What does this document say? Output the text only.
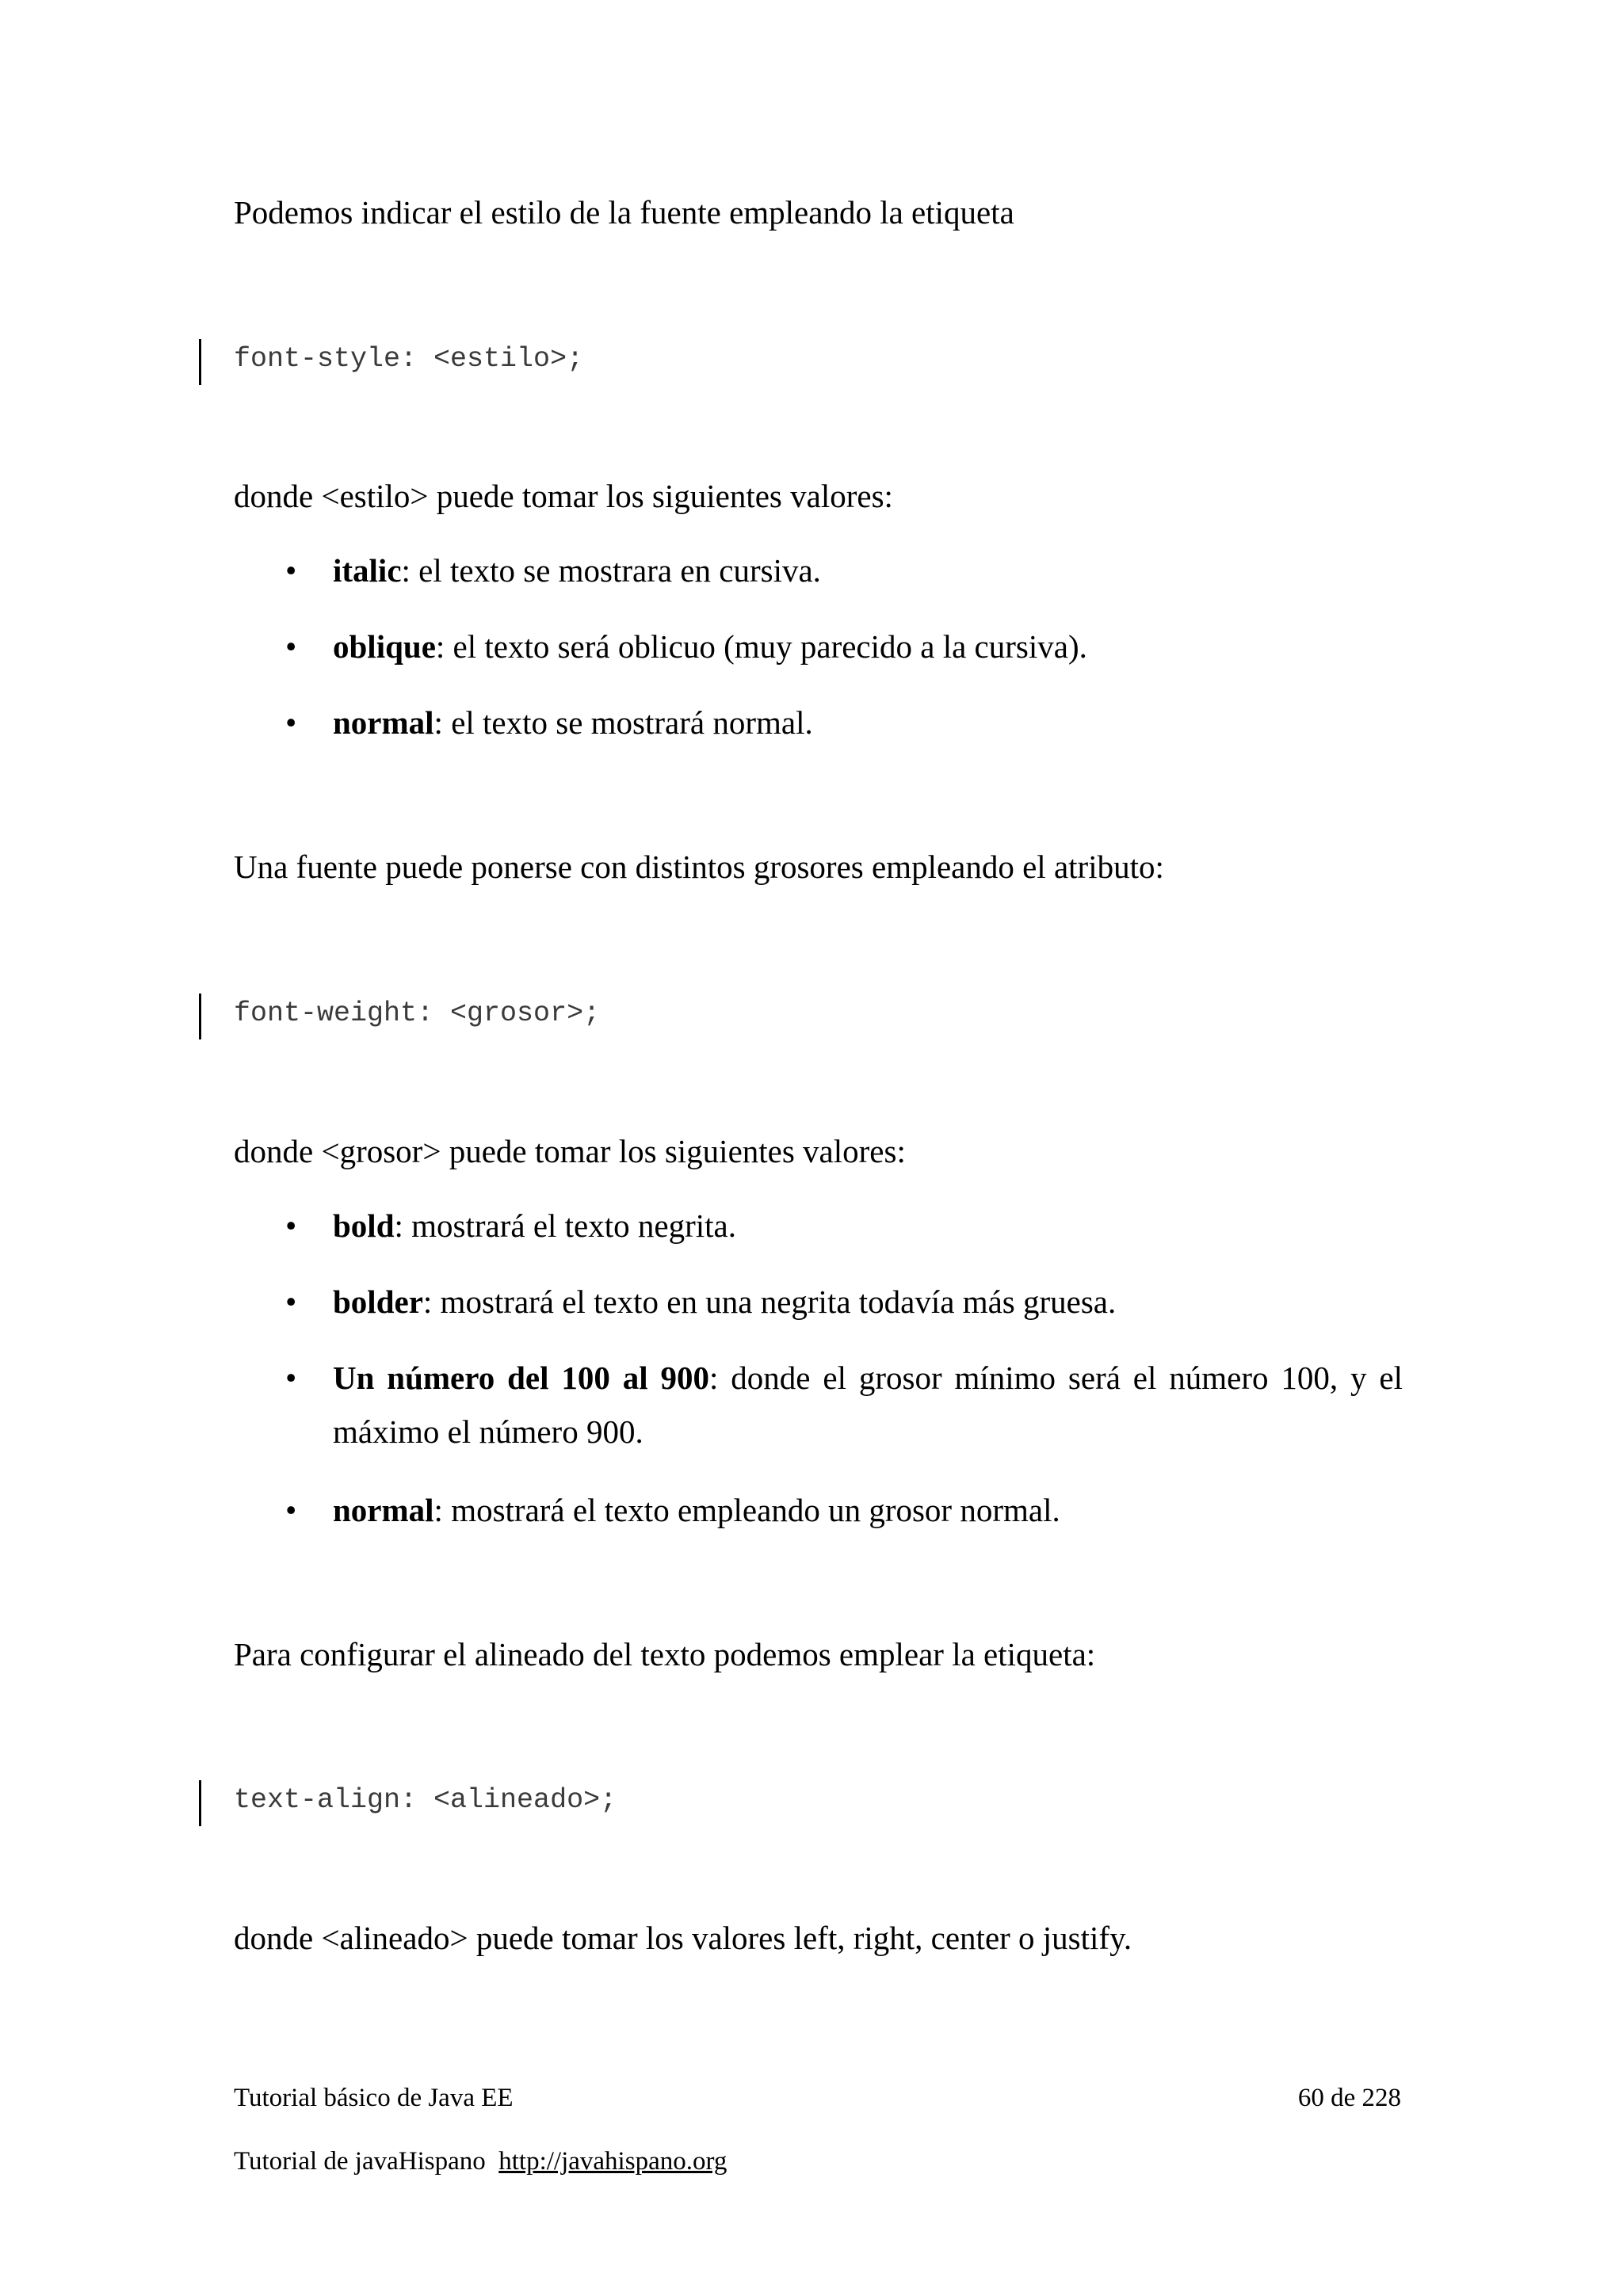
Podemos indicar el estilo de la fuente empleando la etiqueta
font-style: <estilo>;
donde <estilo> puede tomar los siguientes valores:
• italic: el texto se mostrara en cursiva.
• oblique: el texto será oblicuo (muy parecido a la cursiva).
• normal: el texto se mostrará normal.
Una fuente puede ponerse con distintos grosores empleando el atributo:
font-weight: <grosor>;
donde <grosor> puede tomar los siguientes valores:
• bold: mostrará el texto negrita.
• bolder: mostrará el texto en una negrita todavía más gruesa.
• Un número del 100 al 900: donde el grosor mínimo será el número 100, y el máximo el número 900.
• normal: mostrará el texto empleando un grosor normal.
Para configurar el alineado del texto podemos emplear la etiqueta:
text-align: <alineado>;
donde <alineado> puede tomar los valores left, right, center o justify.
Tutorial básico de Java EE	60 de 228
Tutorial de javaHispano http://javahispano.org
